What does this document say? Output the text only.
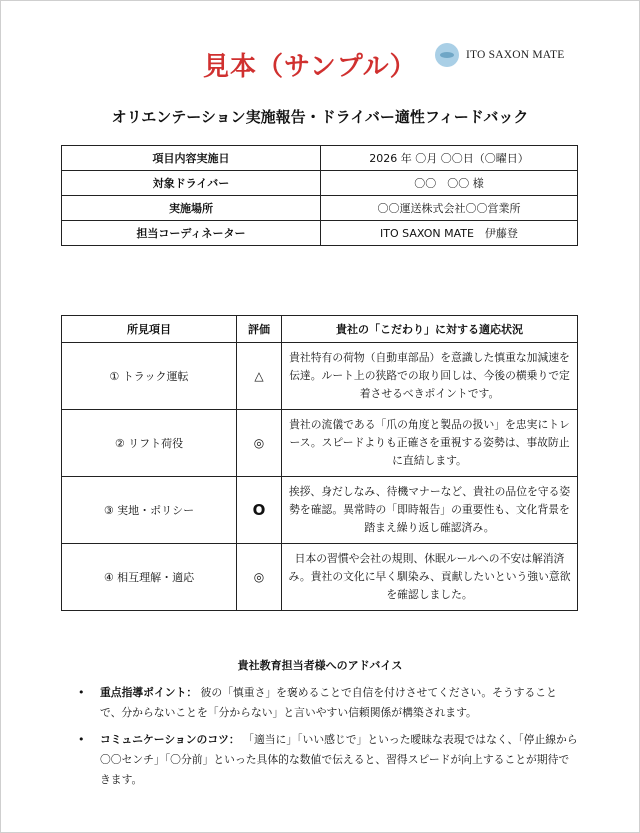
見本（サンプル）	ITO SAXON MATE
オリエンテーション実施報告・ドライバー適性フィードバック
項目内容実施日	2026 年 〇月 〇〇日（〇曜日）
対象ドライバー	〇〇　〇〇 様
実施場所	〇〇運送株式会社〇〇営業所
担当コーディネーター	ITO SAXON MATE　伊藤登
所見項目	評価	貴社の「こだわり」に対する適応状況
① トラック運転	△	貴社特有の荷物（自動車部品）を意識した慎重な加減速を伝達。ルート上の狭路での取り回しは、今後の横乗りで定着させるべきポイントです。
② リフト荷役	◎	貴社の流儀である「爪の角度と製品の扱い」を忠実にトレース。スピードよりも正確さを重視する姿勢は、事故防止に直結します。
③ 実地・ポリシー	O	挨拶、身だしなみ、待機マナーなど、貴社の品位を守る姿勢を確認。異常時の「即時報告」の重要性も、文化背景を踏まえ繰り返し確認済み。
④ 相互理解・適応	◎	日本の習慣や会社の規則、休眠ルールへの不安は解消済み。貴社の文化に早く馴染み、貢献したいという強い意欲を確認しました。
貴社教育担当者様へのアドバイス
• 重点指導ポイント： 彼の「慎重さ」を褒めることで自信を付けさせてください。そうすることで、分からないことを「分からない」と言いやすい信頼関係が構築されます。
• コミュニケーションのコツ： 「適当に」「いい感じで」といった曖昧な表現ではなく、「停止線から〇〇センチ」「〇分前」といった具体的な数値で伝えると、習得スピードが向上することが期待できます。
